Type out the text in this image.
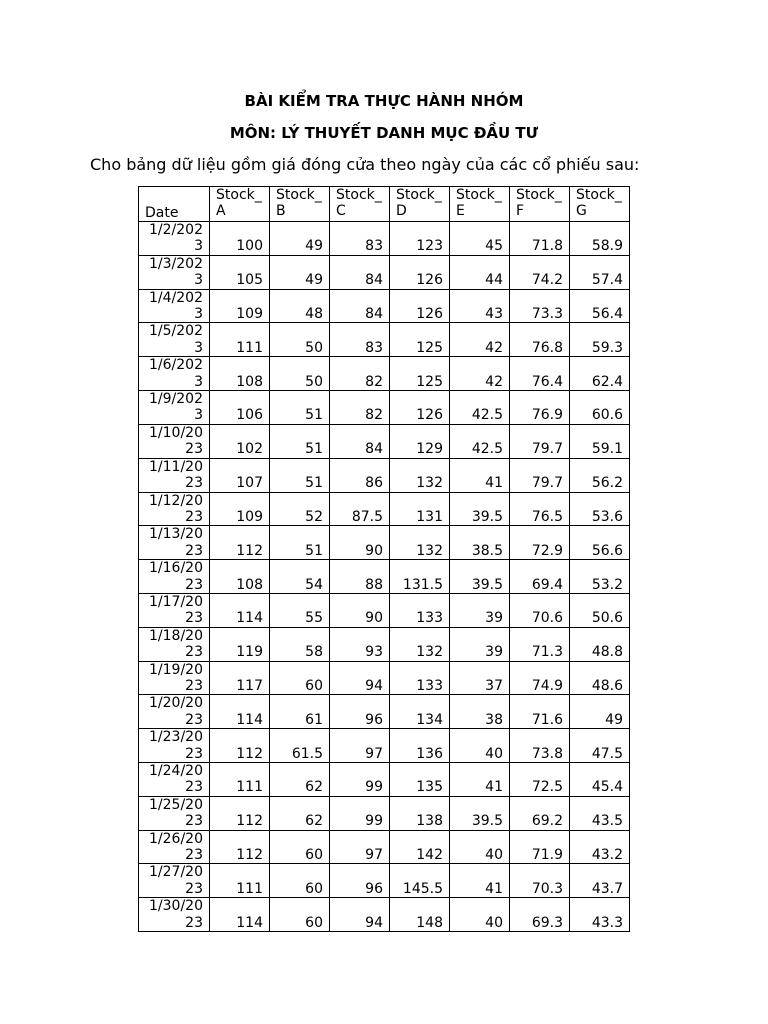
BÀI KIỂM TRA THỰC HÀNH NHÓM
MÔN: LÝ THUYẾT DANH MỤC ĐẦU TƯ
Cho bảng dữ liệu gồm giá đóng cửa theo ngày của các cổ phiếu sau:
Date	Stock_A	Stock_B	Stock_C	Stock_D	Stock_E	Stock_F	Stock_G
1/2/2023	100	49	83	123	45	71.8	58.9
1/3/2023	105	49	84	126	44	74.2	57.4
1/4/2023	109	48	84	126	43	73.3	56.4
1/5/2023	111	50	83	125	42	76.8	59.3
1/6/2023	108	50	82	125	42	76.4	62.4
1/9/2023	106	51	82	126	42.5	76.9	60.6
1/10/2023	102	51	84	129	42.5	79.7	59.1
1/11/2023	107	51	86	132	41	79.7	56.2
1/12/2023	109	52	87.5	131	39.5	76.5	53.6
1/13/2023	112	51	90	132	38.5	72.9	56.6
1/16/2023	108	54	88	131.5	39.5	69.4	53.2
1/17/2023	114	55	90	133	39	70.6	50.6
1/18/2023	119	58	93	132	39	71.3	48.8
1/19/2023	117	60	94	133	37	74.9	48.6
1/20/2023	114	61	96	134	38	71.6	49
1/23/2023	112	61.5	97	136	40	73.8	47.5
1/24/2023	111	62	99	135	41	72.5	45.4
1/25/2023	112	62	99	138	39.5	69.2	43.5
1/26/2023	112	60	97	142	40	71.9	43.2
1/27/2023	111	60	96	145.5	41	70.3	43.7
1/30/2023	114	60	94	148	40	69.3	43.3
